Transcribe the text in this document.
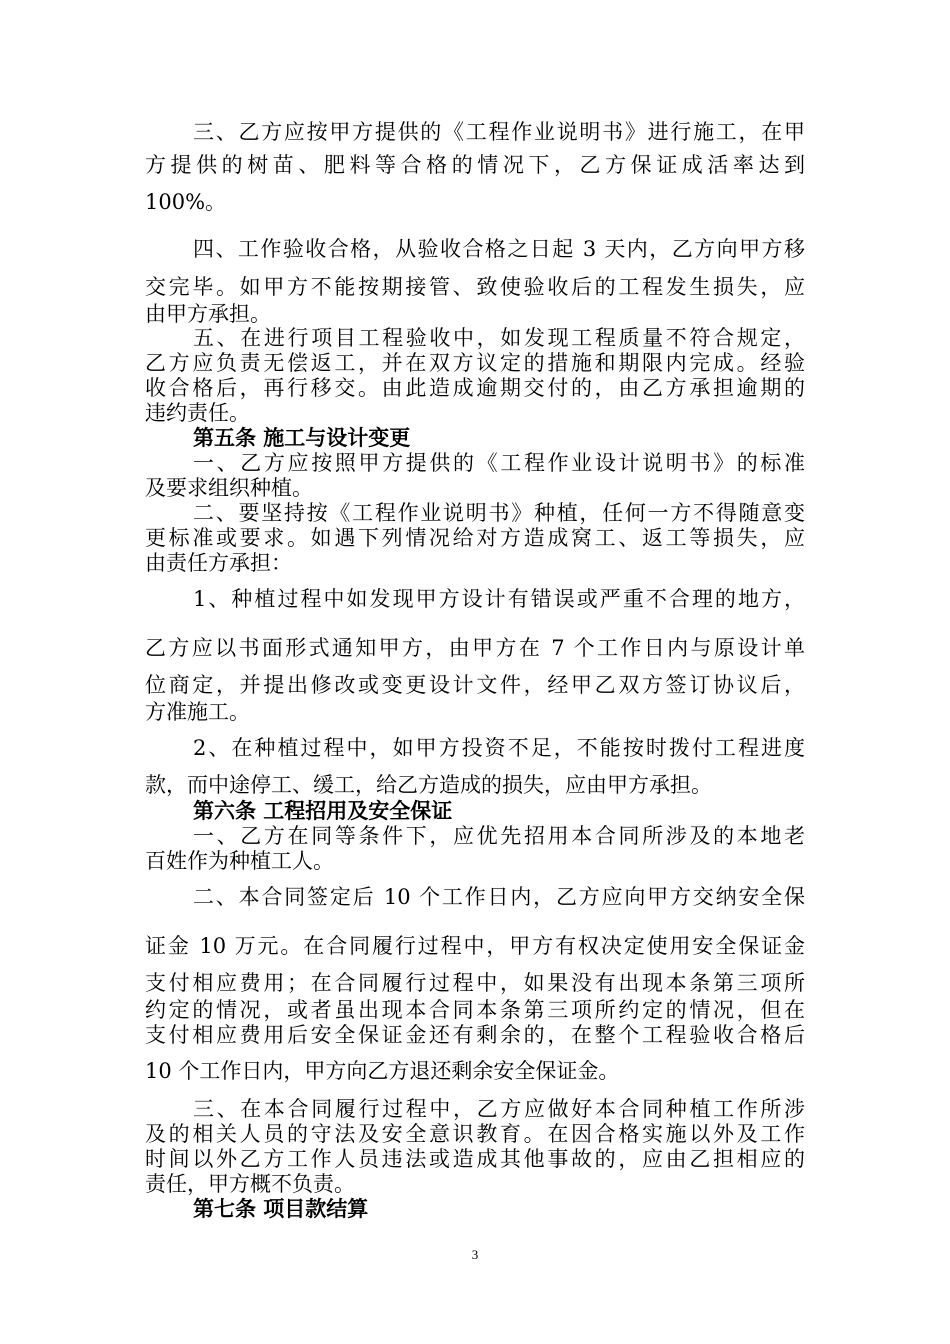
三、乙方应按甲方提供的《工程作业说明书》进行施工，在甲
方提供的树苗、肥料等合格的情况下，乙方保证成活率达到
100%。
四、工作验收合格，从验收合格之日起 3 天内，乙方向甲方移
交完毕。如甲方不能按期接管、致使验收后的工程发生损失，应
由甲方承担。
五、在进行项目工程验收中，如发现工程质量不符合规定，
乙方应负责无偿返工，并在双方议定的措施和期限内完成。经验
收合格后，再行移交。由此造成逾期交付的，由乙方承担逾期的
违约责任。
第五条 施工与设计变更
一、乙方应按照甲方提供的《工程作业设计说明书》的标准
及要求组织种植。
二、要坚持按《工程作业说明书》种植，任何一方不得随意变
更标准或要求。如遇下列情况给对方造成窝工、返工等损失，应
由责任方承担：
1、种植过程中如发现甲方设计有错误或严重不合理的地方，
乙方应以书面形式通知甲方，由甲方在 7 个工作日内与原设计单
位商定，并提出修改或变更设计文件，经甲乙双方签订协议后，
方准施工。
2、在种植过程中，如甲方投资不足，不能按时拨付工程进度
款，而中途停工、缓工，给乙方造成的损失，应由甲方承担。
第六条 工程招用及安全保证
一、乙方在同等条件下，应优先招用本合同所涉及的本地老
百姓作为种植工人。
二、本合同签定后 10 个工作日内，乙方应向甲方交纳安全保
证金 10 万元。在合同履行过程中，甲方有权决定使用安全保证金
支付相应费用；在合同履行过程中，如果没有出现本条第三项所
约定的情况，或者虽出现本合同本条第三项所约定的情况，但在
支付相应费用后安全保证金还有剩余的，在整个工程验收合格后
10 个工作日内，甲方向乙方退还剩余安全保证金。
三、在本合同履行过程中，乙方应做好本合同种植工作所涉
及的相关人员的守法及安全意识教育。在因合格实施以外及工作
时间以外乙方工作人员违法或造成其他事故的，应由乙担相应的
责任，甲方概不负责。
第七条 项目款结算
3
